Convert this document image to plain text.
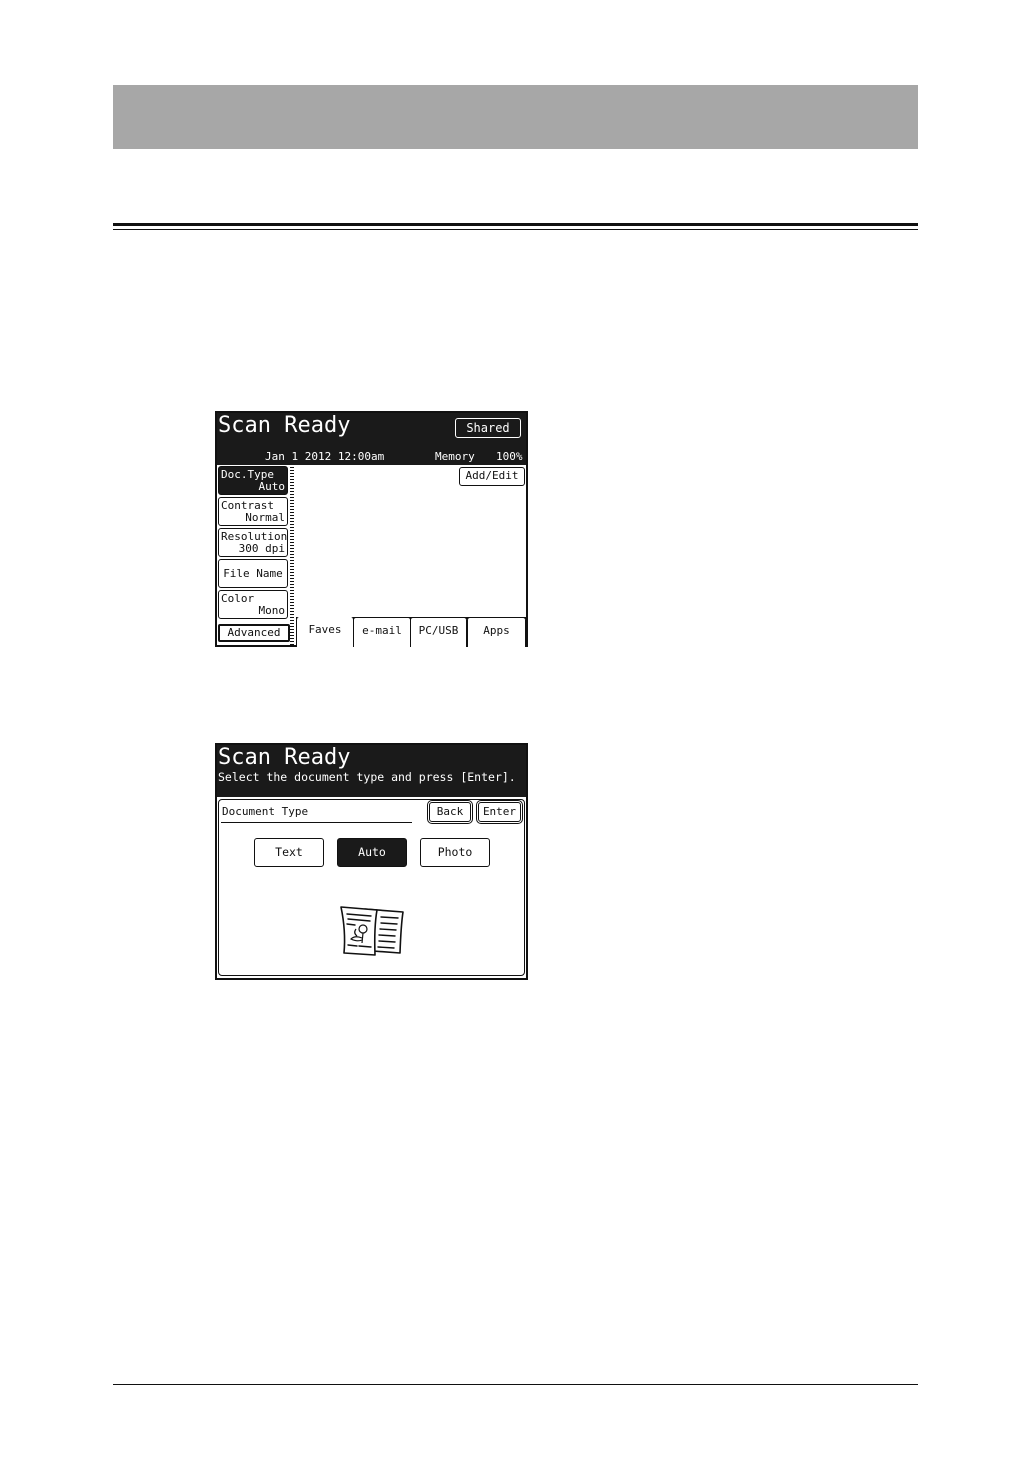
Scan Ready	Shared
Jan 1 2012 12:00am	Memory 100%
Doc.Type
Auto
Contrast
Normal
Resolution
300 dpi
File Name
Color
Mono
Advanced
Add/Edit
Faves	e-mail	PC/USB	Apps
Scan Ready
Select the document type and press [Enter].
Document Type	Back	Enter
Text	Auto	Photo
